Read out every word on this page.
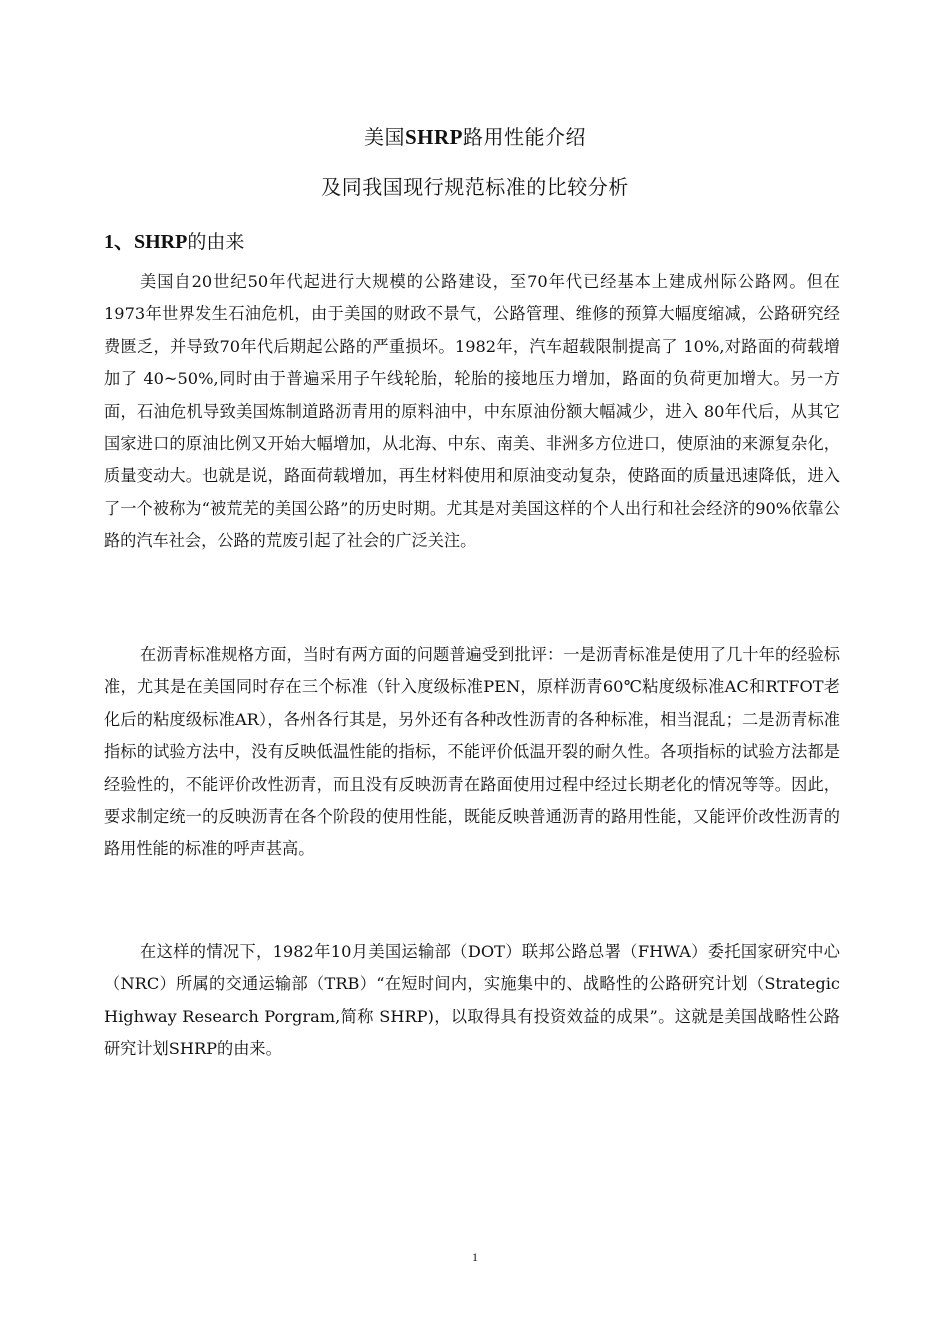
美国SHRP路用性能介绍
及同我国现行规范标准的比较分析
1、SHRP的由来

美国自20世纪50年代起进行大规模的公路建设，至70年代已经基本上建成州际公路网。但在1973年世界发生石油危机，由于美国的财政不景气，公路管理、维修的预算大幅度缩减，公路研究经费匮乏，并导致70年代后期起公路的严重损坏。1982年，汽车超载限制提高了 10%,对路面的荷载增加了 40~50%,同时由于普遍采用子午线轮胎，轮胎的接地压力增加，路面的负荷更加增大。另一方面，石油危机导致美国炼制道路沥青用的原料油中，中东原油份额大幅减少，进入 80年代后，从其它国家进口的原油比例又开始大幅增加，从北海、中东、南美、非洲多方位进口，使原油的来源复杂化，质量变动大。也就是说，路面荷载增加，再生材料使用和原油变动复杂，使路面的质量迅速降低，进入了一个被称为“被荒芜的美国公路”的历史时期。尤其是对美国这样的个人出行和社会经济的90%依靠公路的汽车社会，公路的荒废引起了社会的广泛关注。

在沥青标准规格方面，当时有两方面的问题普遍受到批评：一是沥青标准是使用了几十年的经验标准，尤其是在美国同时存在三个标准（针入度级标准PEN，原样沥青60℃粘度级标准AC和RTFOT老化后的粘度级标准AR），各州各行其是，另外还有各种改性沥青的各种标准，相当混乱；二是沥青标准指标的试验方法中，没有反映低温性能的指标，不能评价低温开裂的耐久性。各项指标的试验方法都是经验性的，不能评价改性沥青，而且没有反映沥青在路面使用过程中经过长期老化的情况等等。因此，要求制定统一的反映沥青在各个阶段的使用性能，既能反映普通沥青的路用性能，又能评价改性沥青的路用性能的标准的呼声甚高。

在这样的情况下，1982年10月美国运输部（DOT）联邦公路总署（FHWA）委托国家研究中心（NRC）所属的交通运输部（TRB）“在短时间内，实施集中的、战略性的公路研究计划（Strategic Highway Research Porgram,简称 SHRP)，以取得具有投资效益的成果”。这就是美国战略性公路研究计划SHRP的由来。

1
